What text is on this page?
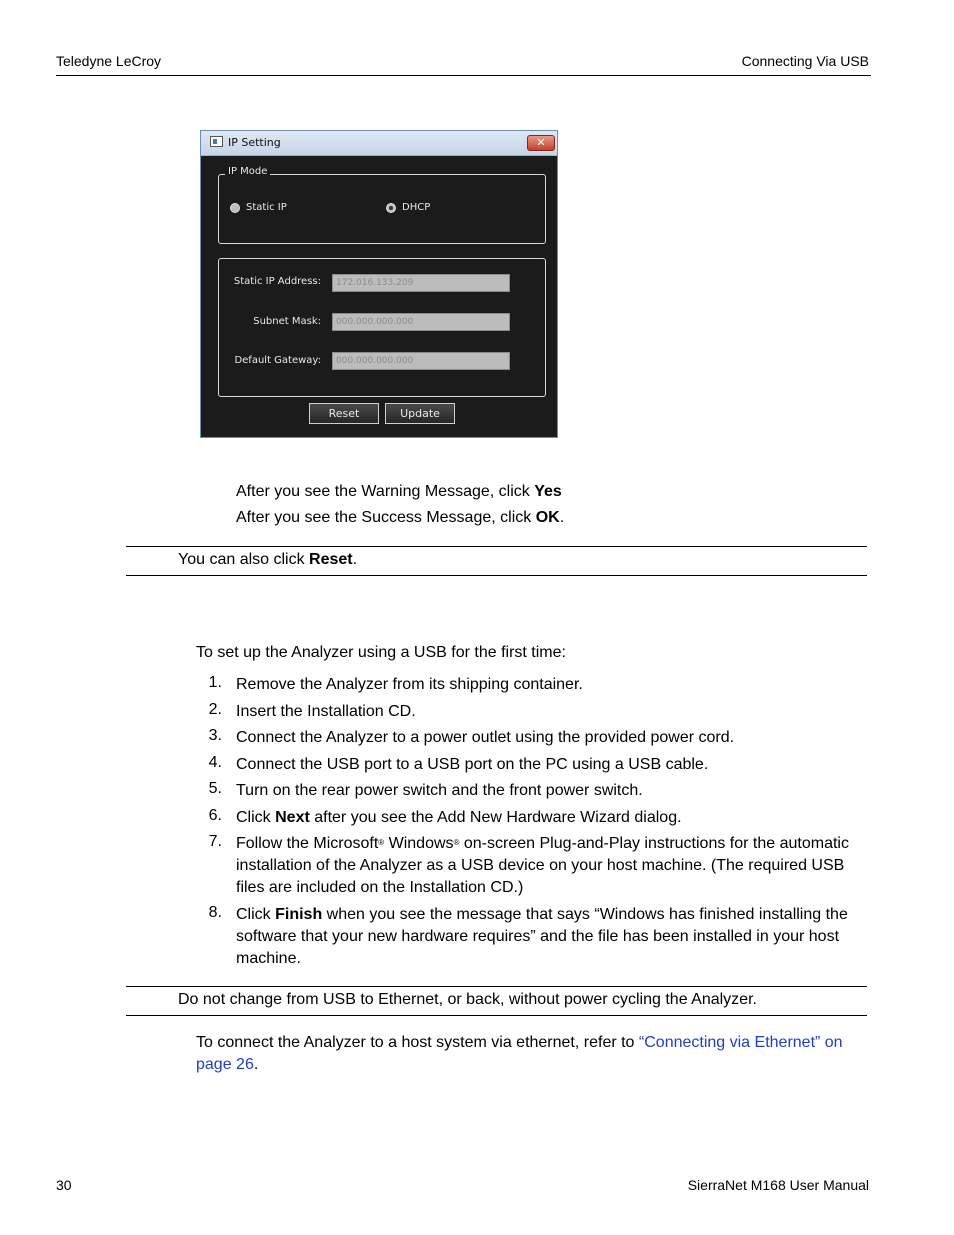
Teledyne LeCroy	Connecting Via USB
IP Setting	✕
IP Mode
Static IP	DHCP
Static IP Address:	172.016.133.209
Subnet Mask:	000.000.000.000
Default Gateway:	000.000.000.000
Reset	Update
After you see the Warning Message, click Yes
After you see the Success Message, click OK.
You can also click Reset.
To set up the Analyzer using a USB for the first time:
1. Remove the Analyzer from its shipping container.
2. Insert the Installation CD.
3. Connect the Analyzer to a power outlet using the provided power cord.
4. Connect the USB port to a USB port on the PC using a USB cable.
5. Turn on the rear power switch and the front power switch.
6. Click Next after you see the Add New Hardware Wizard dialog.
7. Follow the Microsoft® Windows® on-screen Plug-and-Play instructions for the automatic installation of the Analyzer as a USB device on your host machine. (The required USB files are included on the Installation CD.)
8. Click Finish when you see the message that says “Windows has finished installing the software that your new hardware requires” and the file has been installed in your host machine.
Do not change from USB to Ethernet, or back, without power cycling the Analyzer.
To connect the Analyzer to a host system via ethernet, refer to “Connecting via Ethernet” on page 26.
30	SierraNet M168 User Manual
